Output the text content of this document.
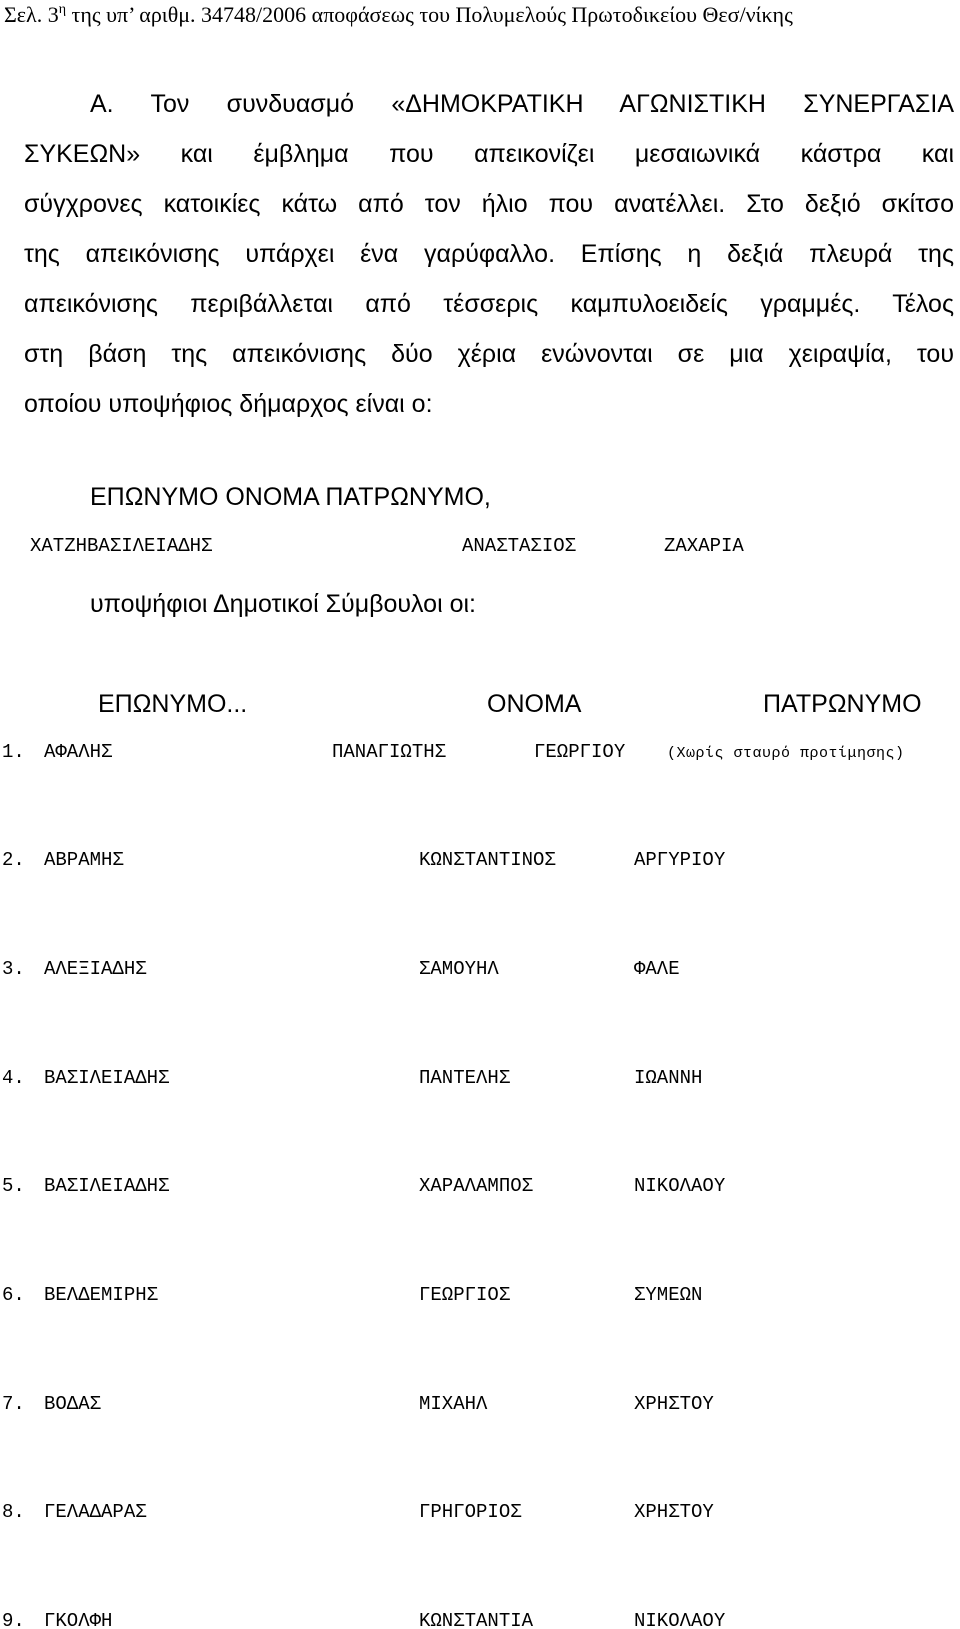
Σελ. $3^\eta$ της υπ’ αριθμ. 34748/2006 αποφάσεως του Πολυμελούς Πρωτοδικείου Θεσ/νίκης
Α. Τον συνδυασμό «ΔΗΜΟΚΡΑΤΙΚΗ ΑΓΩΝΙΣΤΙΚΗ ΣΥΝΕΡΓΑΣΙΑ
ΣΥΚΕΩΝ» και έμβλημα που απεικονίζει μεσαιωνικά κάστρα και
σύγχρονες κατοικίες κάτω από τον ήλιο που ανατέλλει. Στο δεξιό σκίτσο
της απεικόνισης υπάρχει ένα γαρύφαλλο. Επίσης η δεξιά πλευρά της
απεικόνισης περιβάλλεται από τέσσερις καμπυλοειδείς γραμμές. Τέλος
στη βάση της απεικόνισης δύο χέρια ενώνονται σε μια χειραψία, του
οποίου υποψήφιος δήμαρχος είναι ο:
ΕΠΩΝΥΜΟ ΟΝΟΜΑ ΠΑΤΡΩΝΥΜΟ,
ΧΑΤΖΗΒΑΣΙΛΕΙΑΔΗΣ	ΑΝΑΣΤΑΣΙΟΣ	ΖΑΧΑΡΙΑ
υποψήφιοι Δημοτικοί Σύμβουλοι οι:
ΕΠΩΝΥΜΟ...	ΟΝΟΜΑ	ΠΑΤΡΩΝΥΜΟ
1. ΑΦΑΛΗΣ	ΠΑΝΑΓΙΩΤΗΣ	ΓΕΩΡΓΙΟΥ	(Χωρίς σταυρό προτίμησης)
2. ΑΒΡΑΜΗΣ	ΚΩΝΣΤΑΝΤΙΝΟΣ	ΑΡΓΥΡΙΟΥ
3. ΑΛΕΞΙΑΔΗΣ	ΣΑΜΟΥΗΛ	ΦΑΛΕ
4. ΒΑΣΙΛΕΙΑΔΗΣ	ΠΑΝΤΕΛΗΣ	ΙΩΑΝΝΗ
5. ΒΑΣΙΛΕΙΑΔΗΣ	ΧΑΡΑΛΑΜΠΟΣ	ΝΙΚΟΛΑΟΥ
6. ΒΕΛΔΕΜΙΡΗΣ	ΓΕΩΡΓΙΟΣ	ΣΥΜΕΩΝ
7. ΒΟΔΑΣ	ΜΙΧΑΗΛ	ΧΡΗΣΤΟΥ
8. ΓΕΛΑΔΑΡΑΣ	ΓΡΗΓΟΡΙΟΣ	ΧΡΗΣΤΟΥ
9. ΓΚΟΛΦΗ	ΚΩΝΣΤΑΝΤΙΑ	ΝΙΚΟΛΑΟΥ
